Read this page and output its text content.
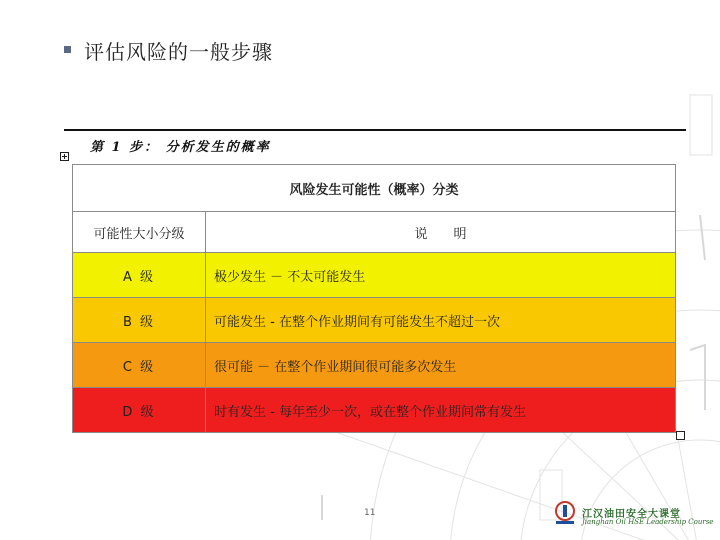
评估风险的一般步骤
第 1 步： 分析发生的概率
风险发生可能性（概率）分类	
可能性大小分级	说　　明
A 级	极少发生 － 不太可能发生
B 级	可能发生 - 在整个作业期间有可能发生不超过一次
C 级	很可能 － 在整个作业期间很可能多次发生
D 级	时有发生 - 每年至少一次，或在整个作业期间常有发生
11	江汉油田安全大课堂
Jianghan Oil HSE Leadership Course
